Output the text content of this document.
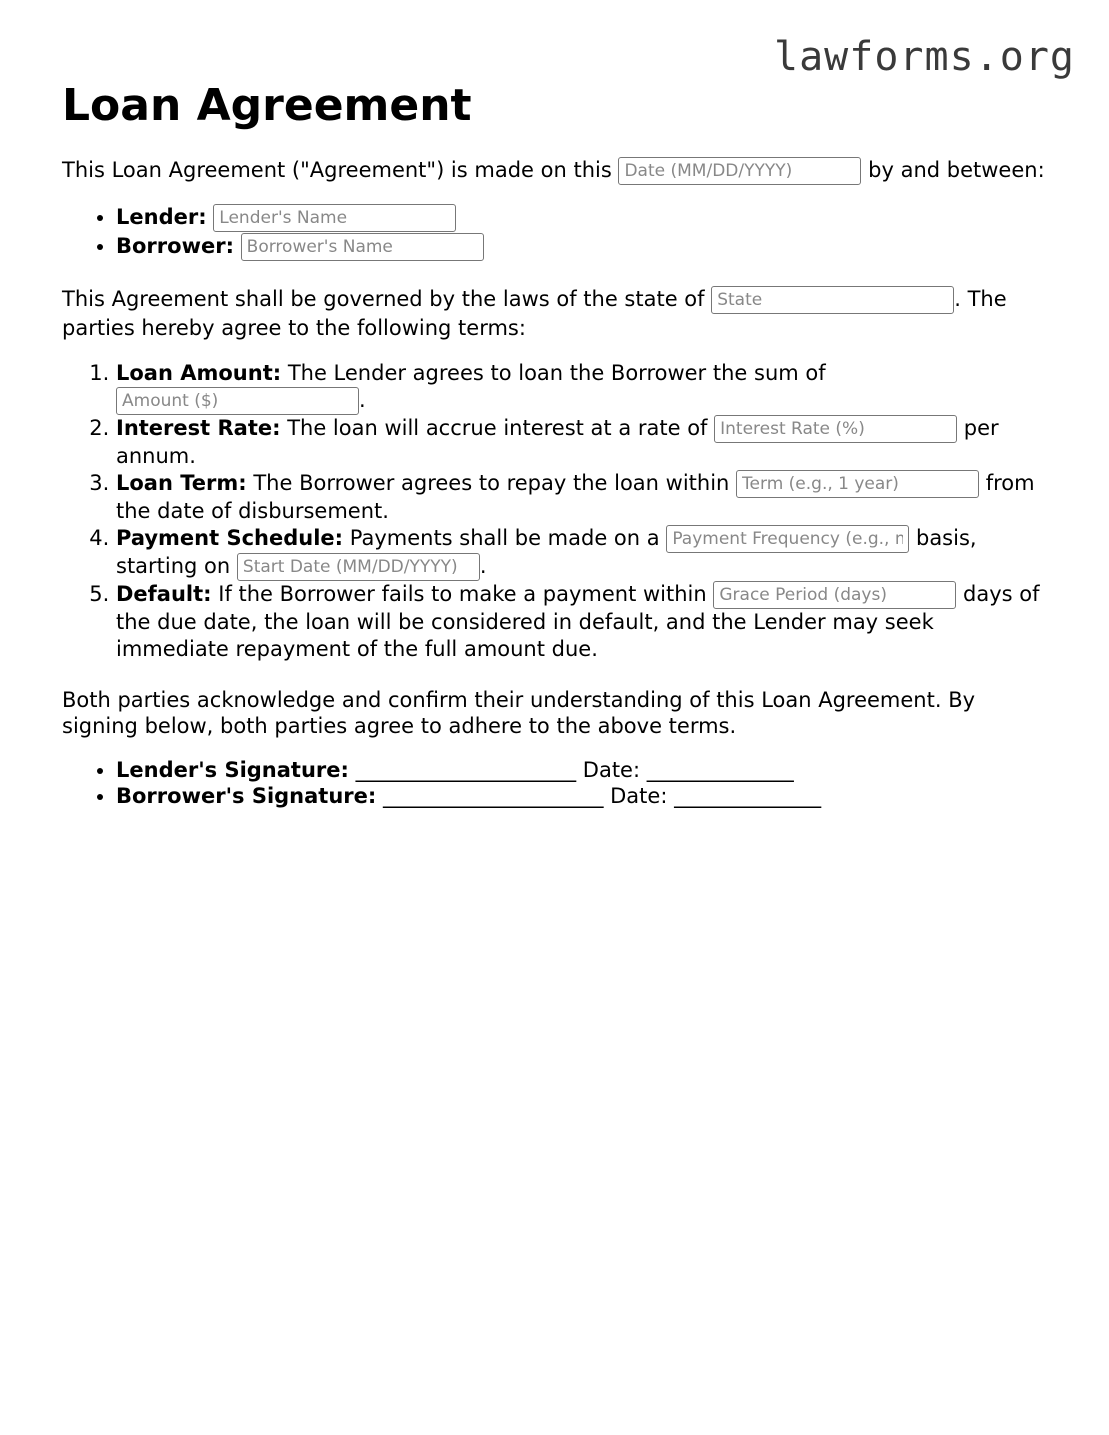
lawforms.org
Loan Agreement

This Loan Agreement ("Agreement") is made on this Date (MM/DD/YYYY)	by and between:

• Lender: Lender's Name
• Borrower: Borrower's Name

This Agreement shall be governed by the laws of the state of State	. The parties hereby agree to the following terms:

1. Loan Amount: The Lender agrees to loan the Borrower the sum of Amount ($).
2. Interest Rate: The loan will accrue interest at a rate of Interest Rate (%)	per annum.
3. Loan Term: The Borrower agrees to repay the loan within Term (e.g., 1 year)	from the date of disbursement.
4. Payment Schedule: Payments shall be made on a Payment Frequency (e.g., monthly)	basis, starting on Start Date (MM/DD/YYYY)	.
5. Default: If the Borrower fails to make a payment within Grace Period (days)	days of the due date, the loan will be considered in default, and the Lender may seek immediate repayment of the full amount due.

Both parties acknowledge and confirm their understanding of this Loan Agreement. By signing below, both parties agree to adhere to the above terms.

• Lender's Signature: _____________________ Date: ______________
• Borrower's Signature: _____________________ Date: ______________
